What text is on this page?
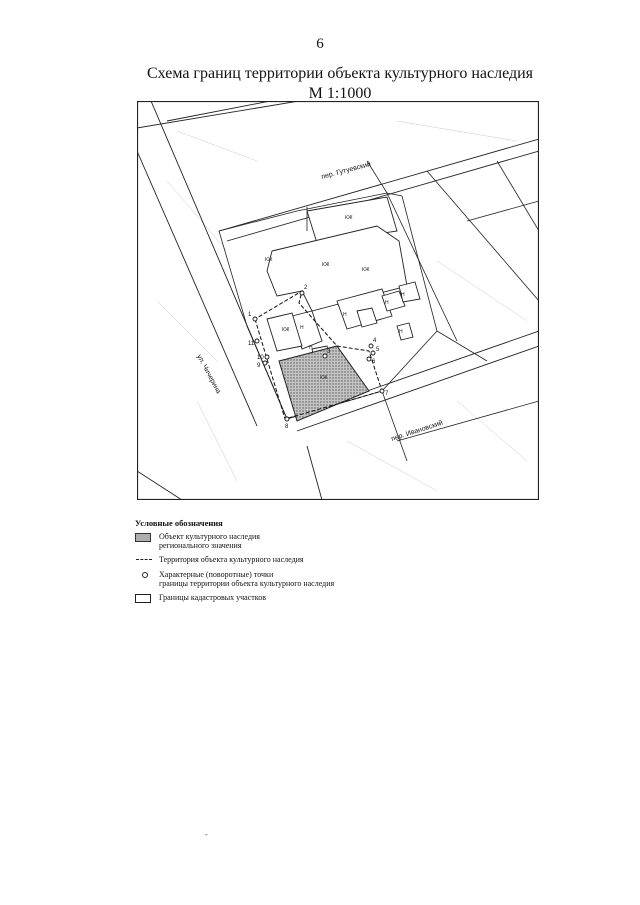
6
Схема границ территории объекта культурного наследия
М 1:1000
1
2
3
4
5
6
7
8
9
10
11
КЖ
КЖ
КЖ
КЖ
КЖ Н
Н
Н
Н
Н
Н
КЖ
пер. Гутуевский
пер. Ивановский
ул. Чичерина
Условные обозначения
Объект культурного наследия
регионального значения
Территория объекта культурного наследия
Характерные (поворотные) точки
границы территории объекта культурного наследия
Границы кадастровых участков
-
